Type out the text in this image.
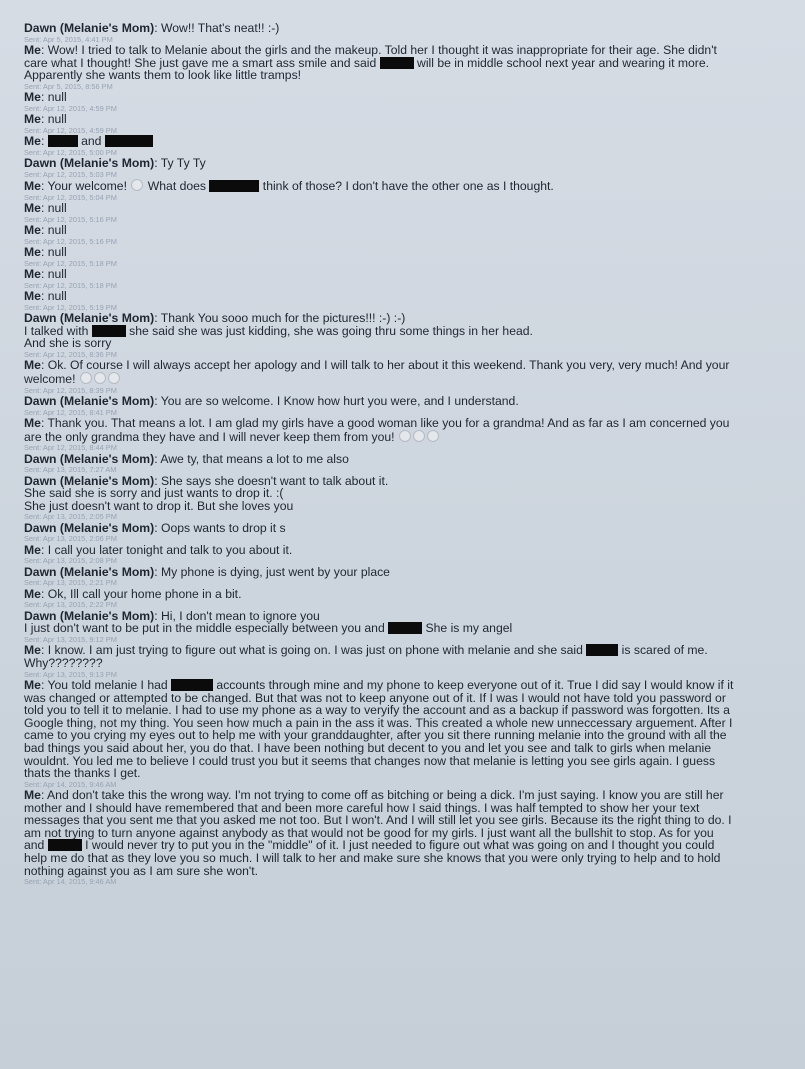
Dawn (Melanie's Mom): Wow!! That's neat!! :-)
Sent: Apr 5, 2015, 4:41 PM
Me: Wow! I tried to talk to Melanie about the girls and the makeup. Told her I thought it was inappropriate for their age. She didn't
care what I thought! She just gave me a smart ass smile and said	will be in middle school next year and wearing it more.
Apparently she wants them to look like little tramps!
Sent: Apr 5, 2015, 8:56 PM
Me: null
Sent: Apr 12, 2015, 4:59 PM
Me: null
Sent: Apr 12, 2015, 4:59 PM
Me:  and
Sent: Apr 12, 2015, 5:00 PM
Dawn (Melanie's Mom): Ty Ty Ty
Sent: Apr 12, 2015, 5:03 PM
Me: Your welcome!  What does	think of those? I don't have the other one as I thought.
Sent: Apr 12, 2015, 5:04 PM
Me: null
Sent: Apr 12, 2015, 5:16 PM
Me: null
Sent: Apr 12, 2015, 5:16 PM
Me: null
Sent: Apr 12, 2015, 5:18 PM
Me: null
Sent: Apr 12, 2015, 5:18 PM
Me: null
Sent: Apr 12, 2015, 5:19 PM
Dawn (Melanie's Mom): Thank You sooo much for the pictures!!! :-) :-)
I talked with	she said she was just kidding, she was going thru some things in her head.
And she is sorry
Sent: Apr 12, 2015, 8:36 PM
Me: Ok. Of course I will always accept her apology and I will talk to her about it this weekend. Thank you very, very much! And your
welcome!
Sent: Apr 12, 2015, 8:39 PM
Dawn (Melanie's Mom): You are so welcome. I Know how hurt you were, and I understand.
Sent: Apr 12, 2015, 8:41 PM
Me: Thank you. That means a lot. I am glad my girls have a good woman like you for a grandma! And as far as I am concerned you
are the only grandma they have and I will never keep them from you!
Sent: Apr 12, 2015, 8:44 PM
Dawn (Melanie's Mom): Awe ty, that means a lot to me also
Sent: Apr 13, 2015, 7:27 AM
Dawn (Melanie's Mom): She says she doesn't want to talk about it.
She said she is sorry and just wants to drop it. :(
She just doesn't want to drop it. But she loves you
Sent: Apr 13, 2015, 2:05 PM
Dawn (Melanie's Mom): Oops wants to drop it s
Sent: Apr 13, 2015, 2:06 PM
Me: I call you later tonight and talk to you about it.
Sent: Apr 13, 2015, 2:08 PM
Dawn (Melanie's Mom): My phone is dying, just went by your place
Sent: Apr 13, 2015, 2:21 PM
Me: Ok, Ill call your home phone in a bit.
Sent: Apr 13, 2015, 2:22 PM
Dawn (Melanie's Mom): Hi, I don't mean to ignore you
I just don't want to be put in the middle especially between you and	She is my angel
Sent: Apr 13, 2015, 9:12 PM
Me: I know. I am just trying to figure out what is going on. I was just on phone with melanie and she said	is scared of me.
Why????????
Sent: Apr 13, 2015, 9:13 PM
Me: You told melanie I had	accounts through mine and my phone to keep everyone out of it. True I did say I would know if it
was changed or attempted to be changed. But that was not to keep anyone out of it. If I was I would not have told you password or
told you to tell it to melanie. I had to use my phone as a way to veryify the account and as a backup if password was forgotten. Its a
Google thing, not my thing. You seen how much a pain in the ass it was. This created a whole new unneccessary arguement. After I
came to you crying my eyes out to help me with your granddaughter, after you sit there running melanie into the ground with all the
bad things you said about her, you do that. I have been nothing but decent to you and let you see and talk to girls when melanie
wouldnt. You led me to believe I could trust you but it seems that changes now that melanie is letting you see girls again. I guess
thats the thanks I get.
Sent: Apr 14, 2015, 9:46 AM
Me: And don't take this the wrong way. I'm not trying to come off as bitching or being a dick. I'm just saying. I know you are still her
mother and I should have remembered that and been more careful how I said things. I was half tempted to show her your text
messages that you sent me that you asked me not too. But I won't. And I will still let you see girls. Because its the right thing to do. I
am not trying to turn anyone against anybody as that would not be good for my girls. I just want all the bullshit to stop. As for you
and	I would never try to put you in the "middle" of it. I just needed to figure out what was going on and I thought you could
help me do that as they love you so much. I will talk to her and make sure she knows that you were only trying to help and to hold
nothing against you as I am sure she won't.
Sent: Apr 14, 2015, 9:46 AM
